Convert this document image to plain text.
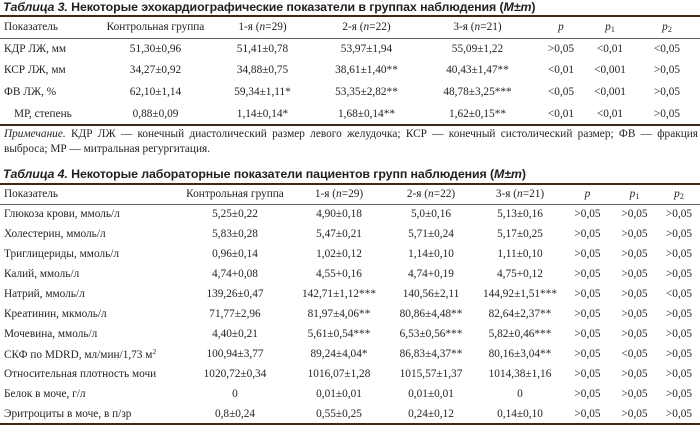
Таблица 3. Некоторые эхокардиографические показатели в группах наблюдения (M±m)
Показатель	Контрольная группа	1-я (n=29)	2-я (n=22)	3-я (n=21)	p	$p_1$	$p_2$
КДР ЛЖ, мм	51,30±0,96	51,41±0,78	53,97±1,94	55,09±1,22	>0,05	<0,01	<0,05
КСР ЛЖ, мм	34,27±0,92	34,88±0,75	38,61±1,40**	40,43±1,47**	<0,01	<0,001	>0,05
ФВ ЛЖ, %	62,10±1,14	59,34±1,11*	53,35±2,82**	48,78±3,25***	<0,05	<0,001	>0,05
МР, степень	0,88±0,09	1,14±0,14*	1,68±0,14**	1,62±0,15**	<0,01	<0,01	>0,05
Примечание. КДР ЛЖ — конечный диастолический размер левого желудочка; КСР — конечный систолический размер; ФВ — фракция выброса; МР — митральная регургитация.
Таблица 4. Некоторые лабораторные показатели пациентов групп наблюдения (M±m)
Показатель	Контрольная группа	1-я (n=29)	2-я (n=22)	3-я (n=21)	p	$p_1$	$p_2$
Глюкоза крови, ммоль/л	5,25±0,22	4,90±0,18	5,0±0,16	5,13±0,16	>0,05	>0,05	>0,05
Холестерин, ммоль/л	5,83±0,28	5,47±0,21	5,71±0,24	5,17±0,25	>0,05	>0,05	>0,05
Триглицериды, ммоль/л	0,96±0,14	1,02±0,12	1,14±0,10	1,11±0,10	>0,05	>0,05	>0,05
Калий, ммоль/л	4,74+0,08	4,55+0,16	4,74+0,19	4,75+0,12	>0,05	>0,05	>0,05
Натрий, ммоль/л	139,26±0,47	142,71±1,12***	140,56±2,11	144,92±1,51***	>0,05	>0,05	<0,05
Креатинин, мкмоль/л	71,77±2,96	81,97±4,06**	80,86±4,48**	82,64±2,37**	>0,05	>0,05	>0,05
Мочевина, ммоль/л	4,40±0,21	5,61±0,54***	6,53±0,56***	5,82±0,46***	>0,05	>0,05	>0,05
СКФ по MDRD, мл/мин/1,73 $м^2$	100,94±3,77	89,24±4,04*	86,83±4,37**	80,16±3,04**	>0,05	<0,05	>0,05
Относительная плотность мочи	1020,72±0,34	1016,07±1,28	1015,57±1,37	1014,38±1,16	>0,05	>0,05	>0,05
Белок в моче, г/л	0	0,01±0,01	0,01±0,01	0	>0,05	>0,05	>0,05
Эритроциты в моче, в п/зр	0,8±0,24	0,55±0,25	0,24±0,12	0,14±0,10	>0,05	>0,05	>0,05
